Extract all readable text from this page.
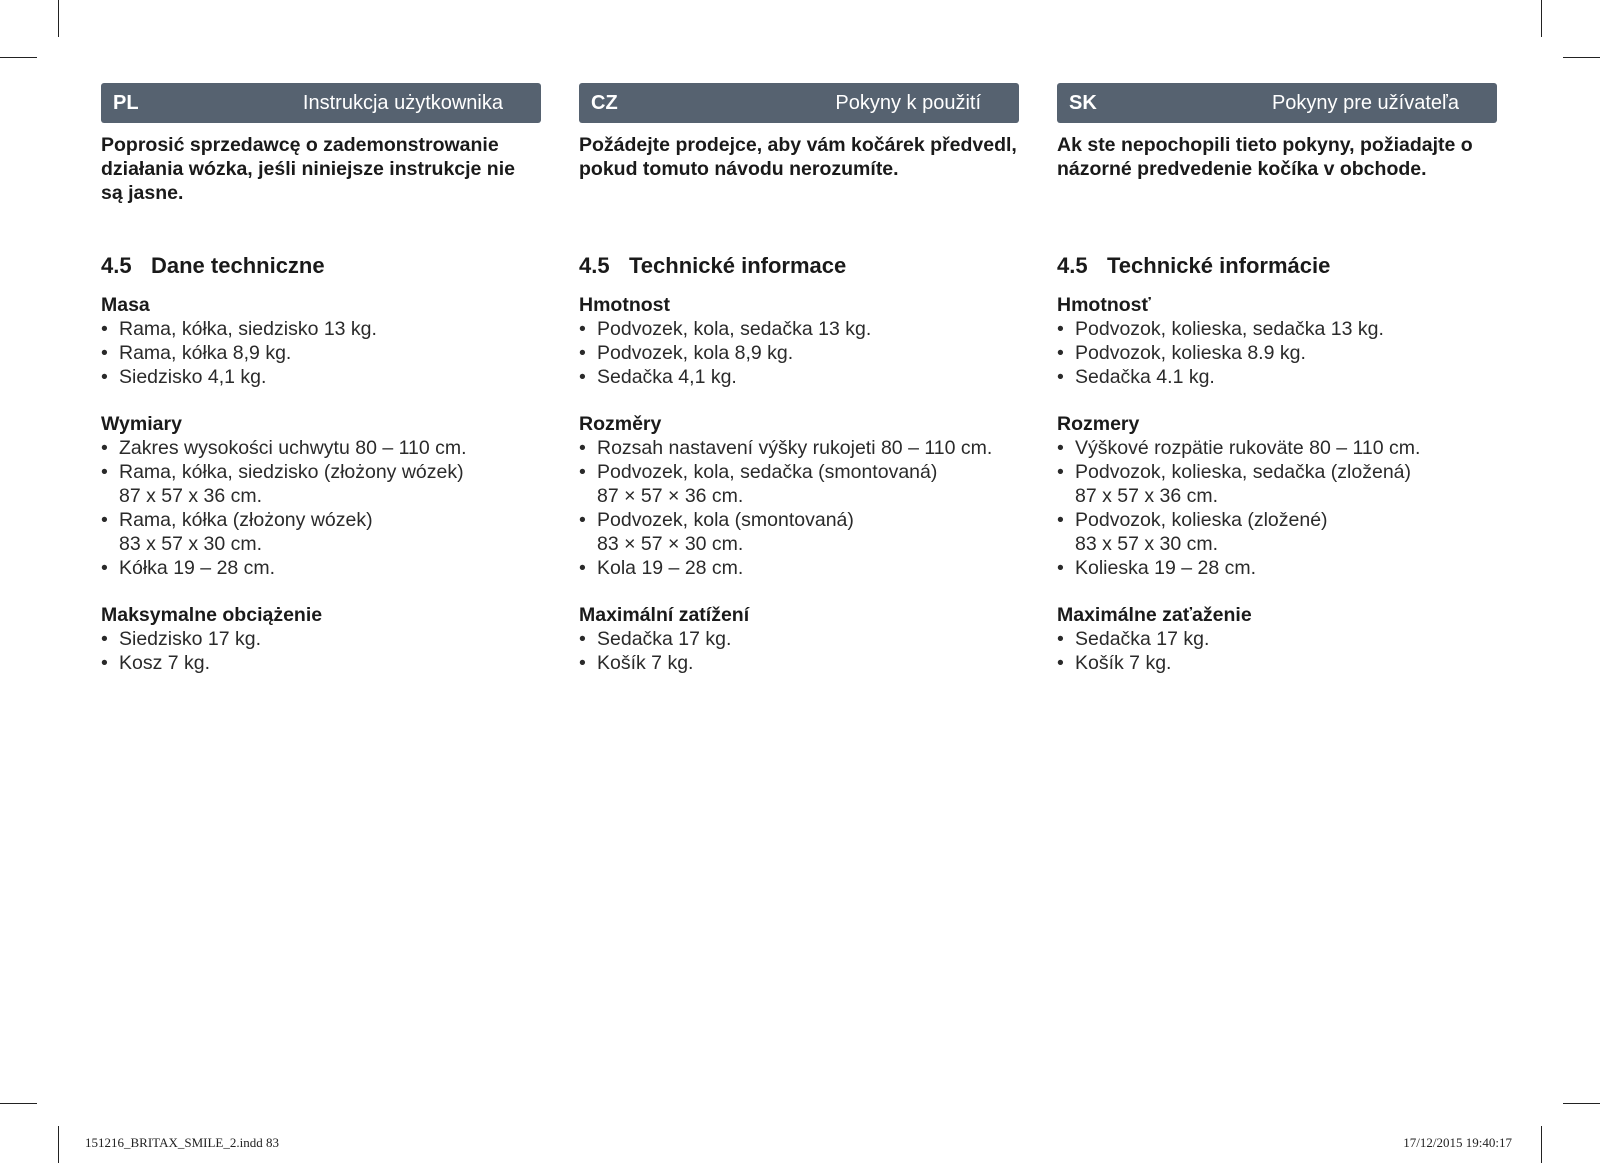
PL	Instrukcja użytkownika

Poprosić sprzedawcę o zademonstrowanie działania wózka, jeśli niniejsze instrukcje nie są jasne.

4.5 Dane techniczne
Masa
• Rama, kółka, siedzisko 13 kg.
• Rama, kółka 8,9 kg.
• Siedzisko 4,1 kg.
Wymiary
• Zakres wysokości uchwytu 80 – 110 cm.
• Rama, kółka, siedzisko (złożony wózek)
87 x 57 x 36 cm.
• Rama, kółka (złożony wózek)
83 x 57 x 30 cm.
• Kółka 19 – 28 cm.
Maksymalne obciążenie
• Siedzisko 17 kg.
• Kosz 7 kg.
CZ	Pokyny k použití

Požádejte prodejce, aby vám kočárek předvedl, pokud tomuto návodu nerozumíte.

4.5 Technické informace
Hmotnost
• Podvozek, kola, sedačka 13 kg.
• Podvozek, kola 8,9 kg.
• Sedačka 4,1 kg.
Rozměry
• Rozsah nastavení výšky rukojeti 80 – 110 cm.
• Podvozek, kola, sedačka (smontovaná)
87 × 57 × 36 cm.
• Podvozek, kola (smontovaná)
83 × 57 × 30 cm.
• Kola 19 – 28 cm.
Maximální zatížení
• Sedačka 17 kg.
• Košík 7 kg.
SK	Pokyny pre užívateľa

Ak ste nepochopili tieto pokyny, požiadajte o názorné predvedenie kočíka v obchode.

4.5 Technické informácie
Hmotnosť
• Podvozok, kolieska, sedačka 13 kg.
• Podvozok, kolieska 8.9 kg.
• Sedačka 4.1 kg.
Rozmery
• Výškové rozpätie rukoväte 80 – 110 cm.
• Podvozok, kolieska, sedačka (zložená)
87 x 57 x 36 cm.
• Podvozok, kolieska (zložené)
83 x 57 x 30 cm.
• Kolieska 19 – 28 cm.
Maximálne zaťaženie
• Sedačka 17 kg.
• Košík 7 kg.
151216_BRITAX_SMILE_2.indd 83	17/12/2015 19:40:17
